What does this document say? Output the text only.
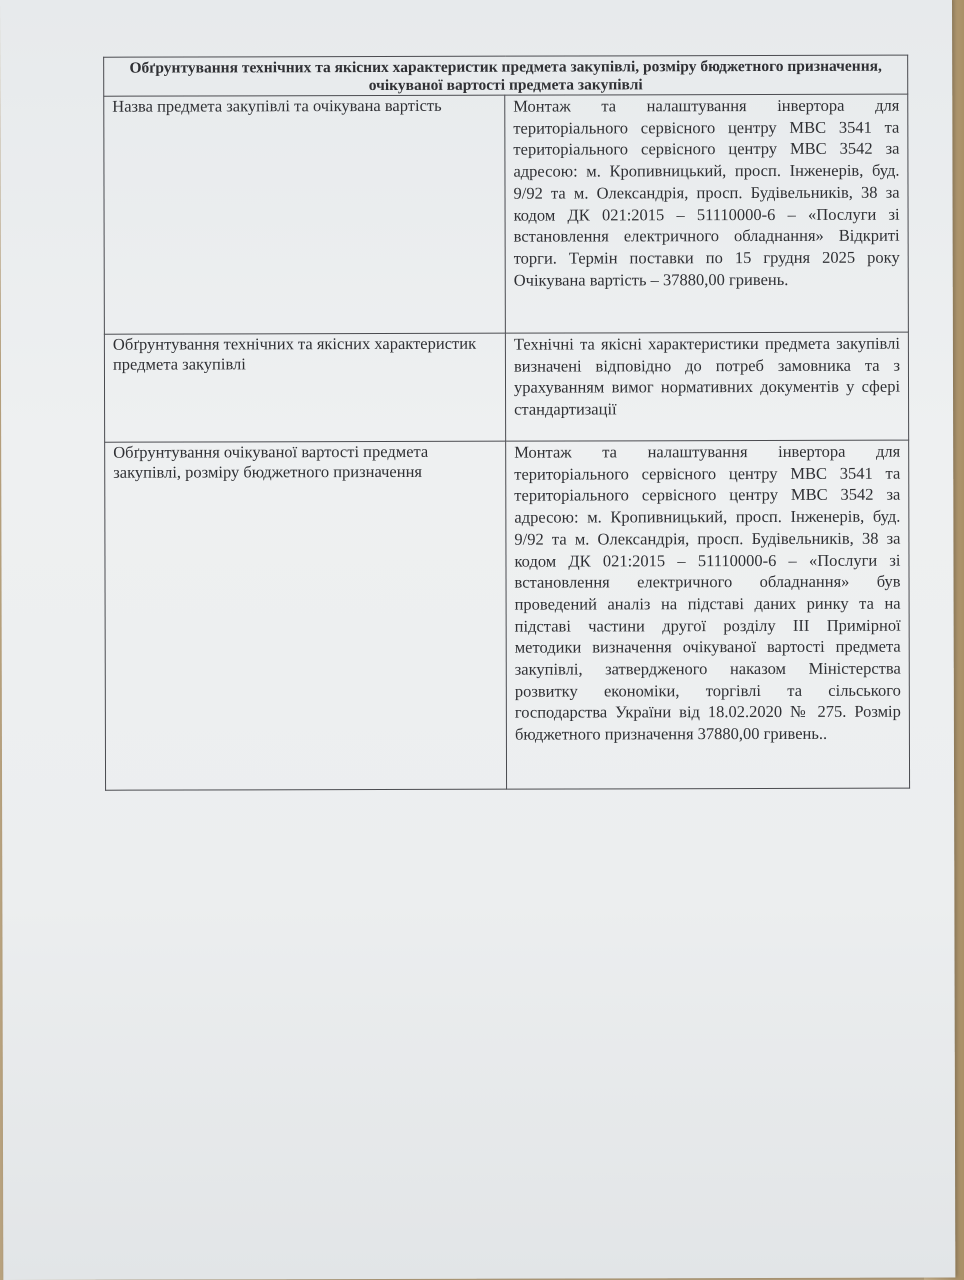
Обґрунтування технічних та якісних характеристик предмета закупівлі, розміру бюджетного призначення, очікуваної вартості предмета закупівлі	
Назва предмета закупівлі та очікувана вартість	Монтаж та налаштування інвертора для територіального сервісного центру МВС 3541 та територіального сервісного центру МВС 3542 за адресою: м. Кропивницький, просп. Інженерів, буд. 9/92 та м. Олександрія, просп. Будівельників, 38 за кодом ДК 021:2015 – 51110000-6 – «Послуги зі встановлення електричного обладнання» Відкриті торги. Термін поставки по 15 грудня 2025 року Очікувана вартість – 37880,00 гривень.
Обґрунтування технічних та якісних характеристик предмета закупівлі	Технічні та якісні характеристики предмета закупівлі визначені відповідно до потреб замовника та з урахуванням вимог нормативних документів у сфері стандартизації
Обґрунтування очікуваної вартості предмета закупівлі, розміру бюджетного призначення	Монтаж та налаштування інвертора для територіального сервісного центру МВС 3541 та територіального сервісного центру МВС 3542 за адресою: м. Кропивницький, просп. Інженерів, буд. 9/92 та м. Олександрія, просп. Будівельників, 38 за кодом ДК 021:2015 – 51110000-6 – «Послуги зі встановлення електричного обладнання» був проведений аналіз на підставі даних ринку та на підставі частини другої розділу ІІІ Примірної методики визначення очікуваної вартості предмета закупівлі, затвердженого наказом Міністерства розвитку економіки, торгівлі та сільського господарства України від 18.02.2020 № 275. Розмір бюджетного призначення 37880,00 гривень..
